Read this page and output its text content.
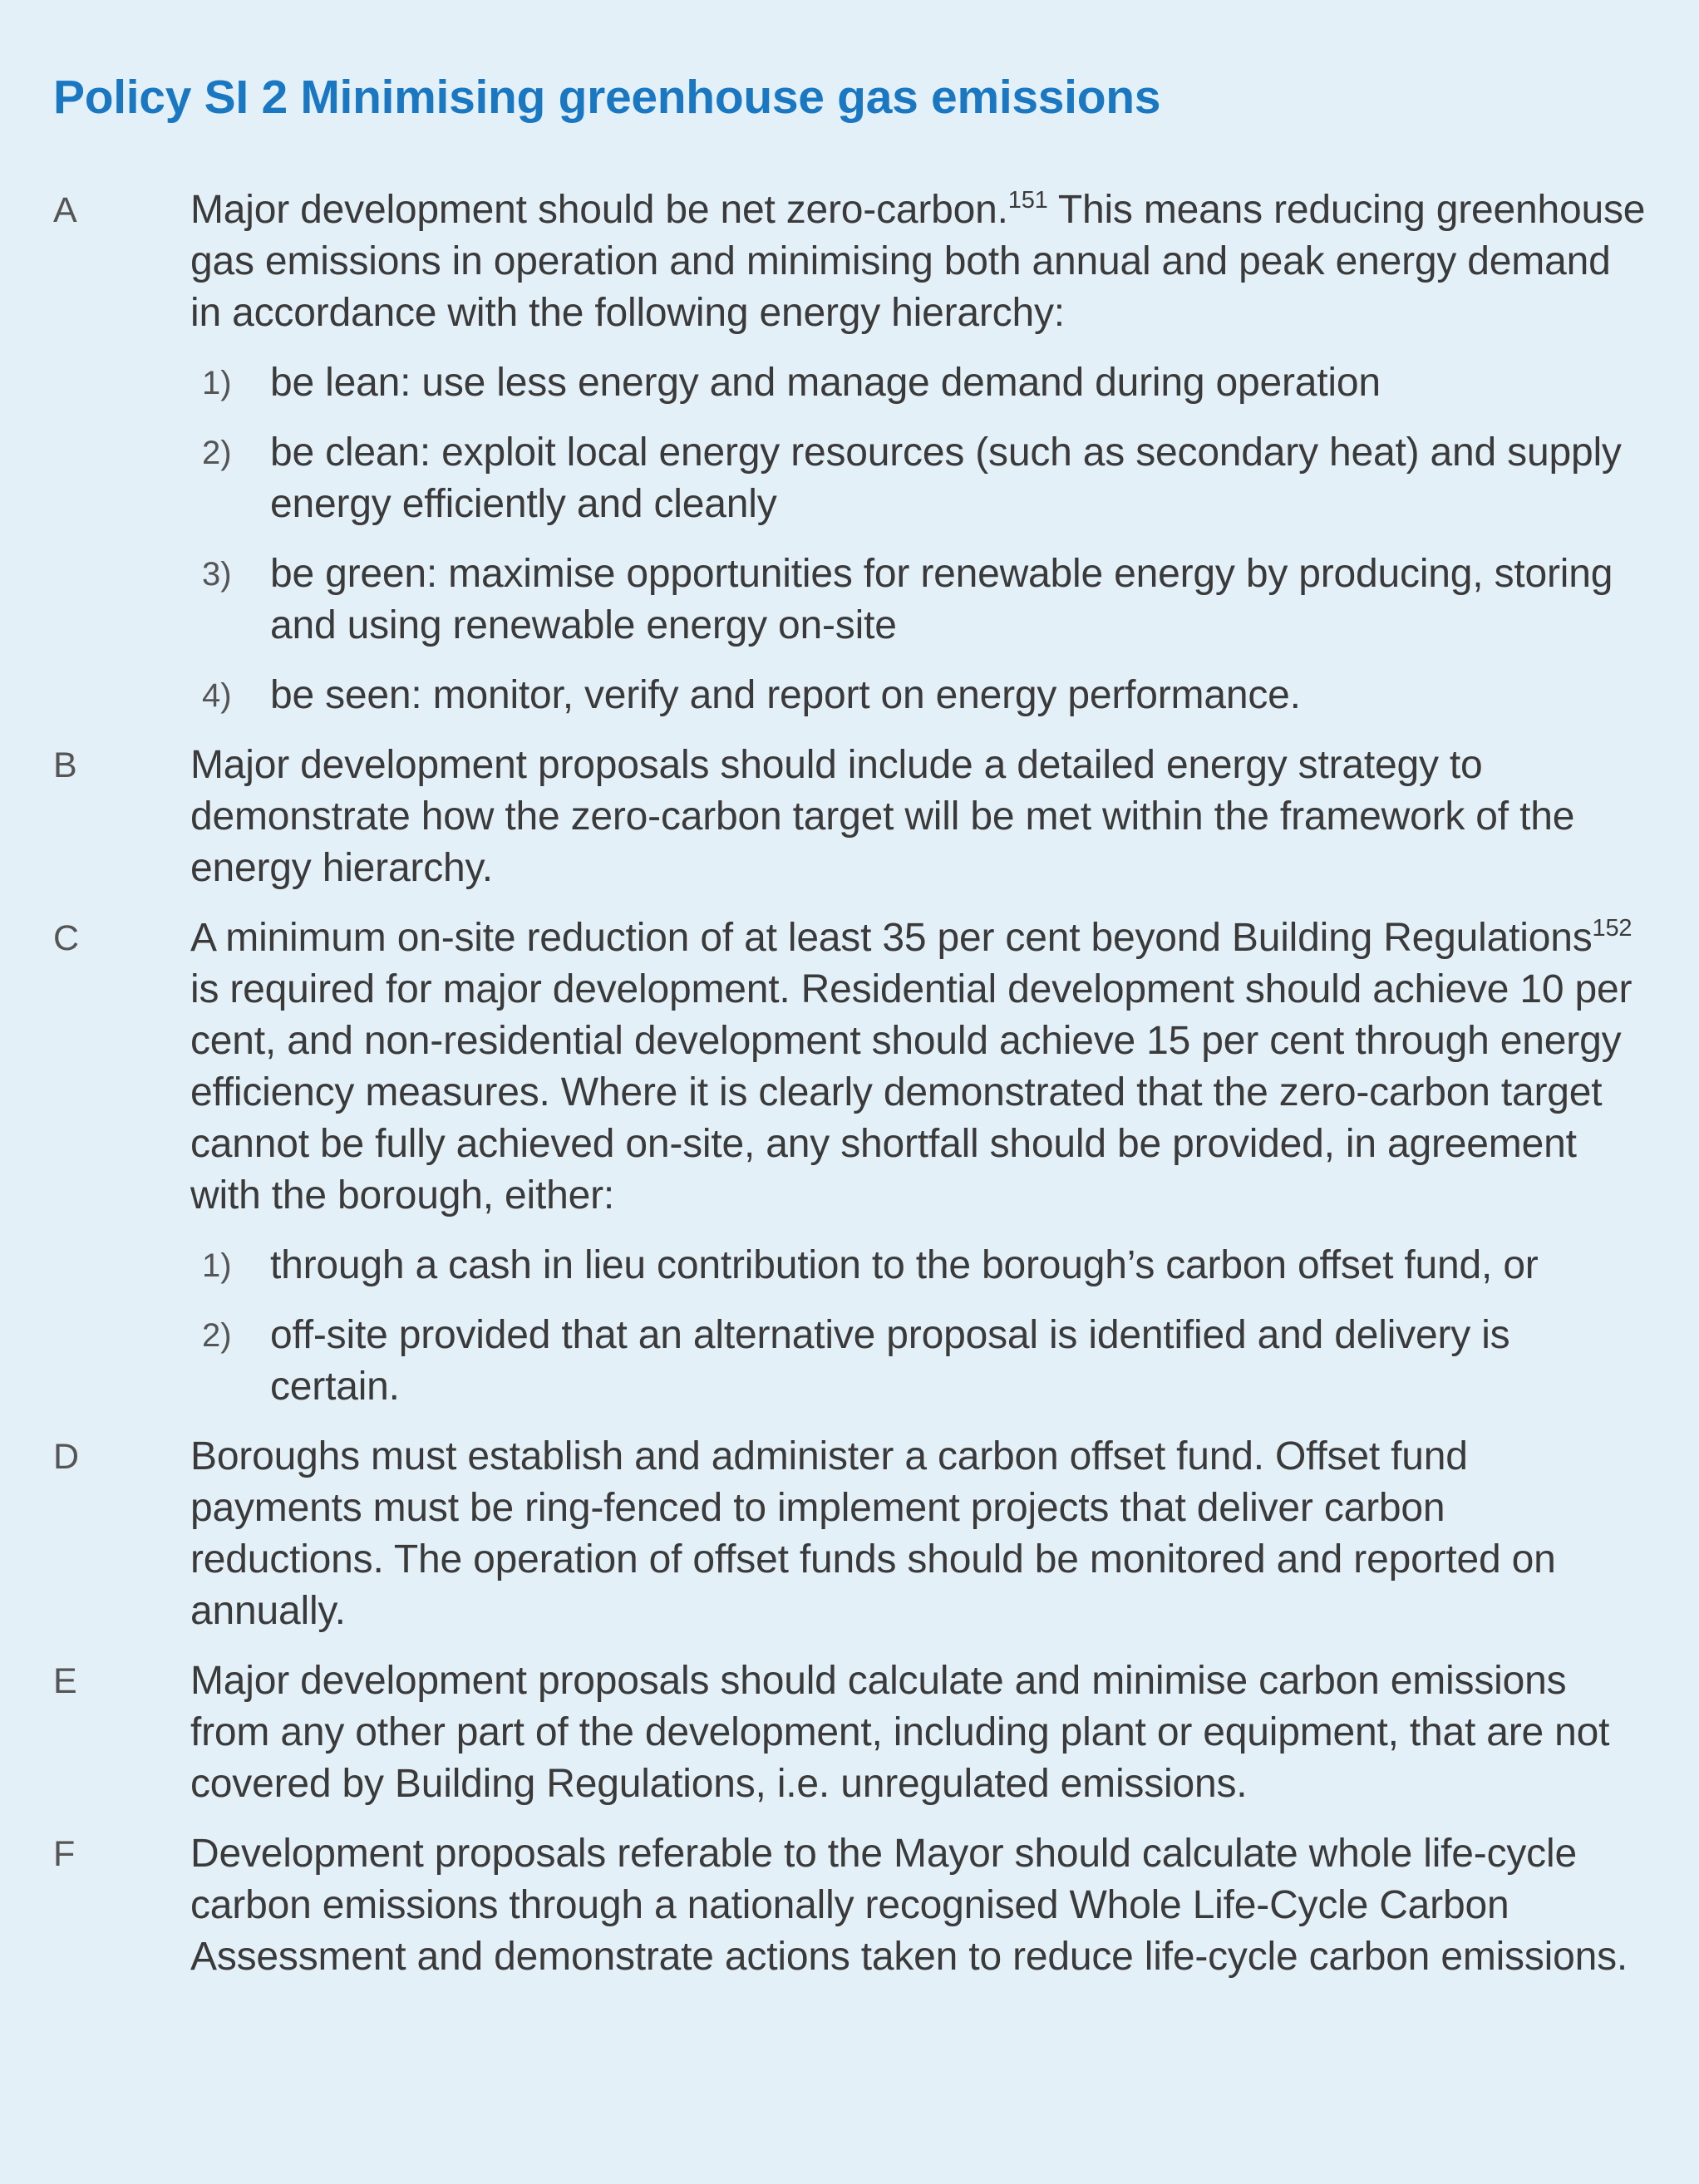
Policy SI 2 Minimising greenhouse gas emissions
A	Major development should be net zero-carbon.$^{151}$ This means reducing greenhouse gas emissions in operation and minimising both annual and peak energy demand in accordance with the following energy hierarchy:
1) be lean: use less energy and manage demand during operation
2) be clean: exploit local energy resources (such as secondary heat) and supply energy efficiently and cleanly
3) be green: maximise opportunities for renewable energy by producing, storing and using renewable energy on-site
4) be seen: monitor, verify and report on energy performance.
B	Major development proposals should include a detailed energy strategy to demonstrate how the zero-carbon target will be met within the framework of the energy hierarchy.
C	A minimum on-site reduction of at least 35 per cent beyond Building Regulations$^{152}$ is required for major development. Residential development should achieve 10 per cent, and non-residential development should achieve 15 per cent through energy efficiency measures. Where it is clearly demonstrated that the zero-carbon target cannot be fully achieved on-site, any shortfall should be provided, in agreement with the borough, either:
1) through a cash in lieu contribution to the borough’s carbon offset fund, or
2) off-site provided that an alternative proposal is identified and delivery is certain.
D	Boroughs must establish and administer a carbon offset fund. Offset fund payments must be ring-fenced to implement projects that deliver carbon reductions. The operation of offset funds should be monitored and reported on annually.
E	Major development proposals should calculate and minimise carbon emissions from any other part of the development, including plant or equipment, that are not covered by Building Regulations, i.e. unregulated emissions.
F	Development proposals referable to the Mayor should calculate whole life-cycle carbon emissions through a nationally recognised Whole Life-Cycle Carbon Assessment and demonstrate actions taken to reduce life-cycle carbon emissions.
